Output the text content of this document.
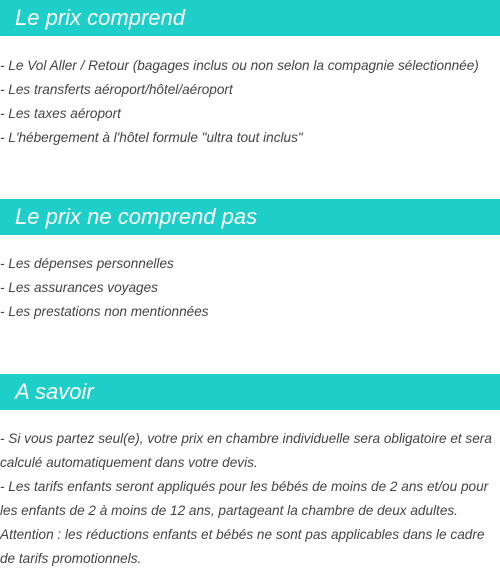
Le prix comprend
- Le Vol Aller / Retour (bagages inclus ou non selon la compagnie sélectionnée)
- Les transferts aéroport/hôtel/aéroport
- Les taxes aéroport
- L'hébergement à l'hôtel formule "ultra tout inclus"
Le prix ne comprend pas
- Les dépenses personnelles
- Les assurances voyages
- Les prestations non mentionnées
A savoir
- Si vous partez seul(e), votre prix en chambre individuelle sera obligatoire et sera calculé automatiquement dans votre devis.
- Les tarifs enfants seront appliqués pour les bébés de moins de 2 ans et/ou pour les enfants de 2 à moins de 12 ans, partageant la chambre de deux adultes.
Attention : les réductions enfants et bébés ne sont pas applicables dans le cadre de tarifs promotionnels.
